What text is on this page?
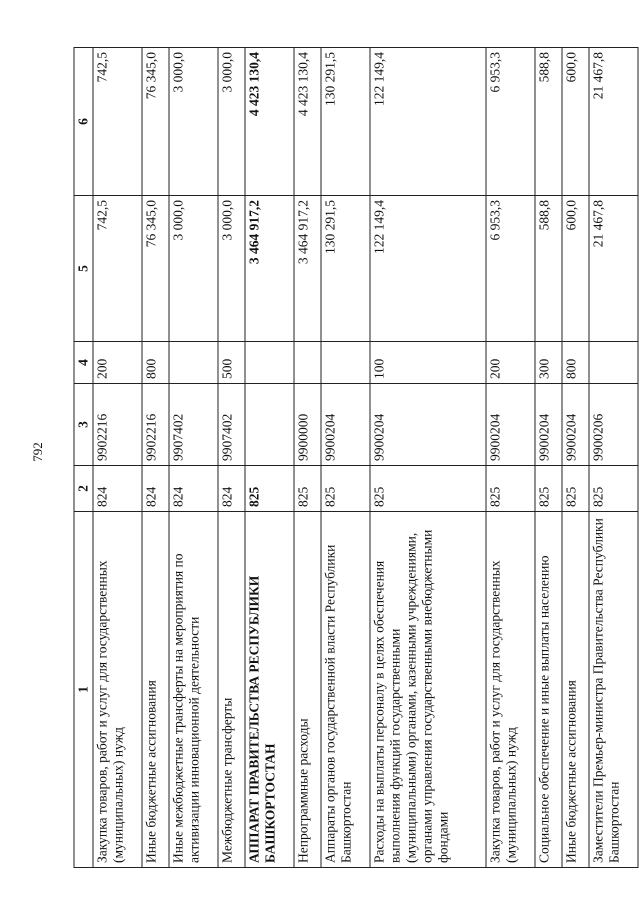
792
1	2	3	4	5	6
Закупка товаров, работ и услуг для государственных (муниципальных) нужд	824	9902216	200	742,5	742,5
Иные бюджетные ассигнования	824	9902216	800	76 345,0	76 345,0
Иные межбюджетные трансферты на мероприятия по активизации инновационной деятельности	824	9907402		3 000,0	3 000,0
Межбюджетные трансферты	824	9907402	500	3 000,0	3 000,0
АППАРАТ ПРАВИТЕЛЬСТВА РЕСПУБЛИКИ БАШКОРТОСТАН	825			3 464 917,2	4 423 130,4
Непрограммные расходы	825	9900000		3 464 917,2	4 423 130,4
Аппараты органов государственной власти Республики Башкортостан	825	9900204		130 291,5	130 291,5
Расходы на выплаты персоналу в целях обеспечения выполнения функций государственными (муниципальными) органами, казенными учреждениями, органами управления государственными внебюджетными фондами	825	9900204	100	122 149,4	122 149,4
Закупка товаров, работ и услуг для государственных (муниципальных) нужд	825	9900204	200	6 953,3	6 953,3
Социальное обеспечение и иные выплаты населению	825	9900204	300	588,8	588,8
Иные бюджетные ассигнования	825	9900204	800	600,0	600,0
Заместители Премьер-министра Правительства Республики Башкортостан	825	9900206		21 467,8	21 467,8
